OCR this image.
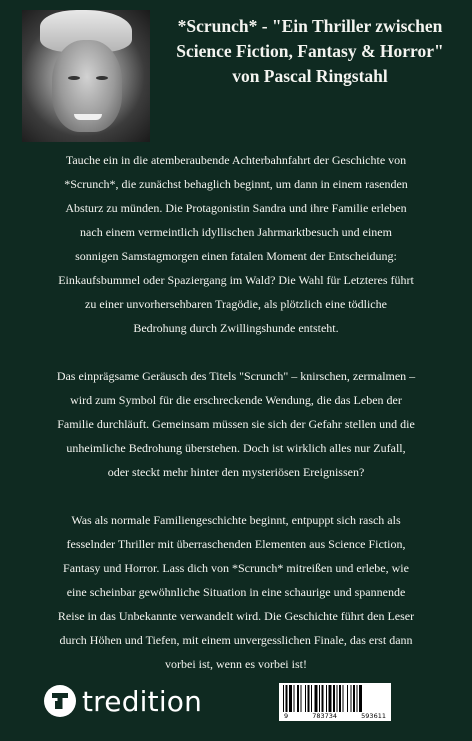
*Scrunch* - "Ein Thriller zwischen
Science Fiction, Fantasy & Horror"
von Pascal Ringstahl

Tauche ein in die atemberaubende Achterbahnfahrt der Geschichte von
*Scrunch*, die zunächst behaglich beginnt, um dann in einem rasenden
Absturz zu münden. Die Protagonistin Sandra und ihre Familie erleben
nach einem vermeintlich idyllischen Jahrmarktbesuch und einem
sonnigen Samstagmorgen einen fatalen Moment der Entscheidung:
Einkaufsbummel oder Spaziergang im Wald? Die Wahl für Letzteres führt
zu einer unvorhersehbaren Tragödie, als plötzlich eine tödliche
Bedrohung durch Zwillingshunde entsteht.

Das einprägsame Geräusch des Titels "Scrunch" – knirschen, zermalmen –
wird zum Symbol für die erschreckende Wendung, die das Leben der
Familie durchläuft. Gemeinsam müssen sie sich der Gefahr stellen und die
unheimliche Bedrohung überstehen. Doch ist wirklich alles nur Zufall,
oder steckt mehr hinter den mysteriösen Ereignissen?

Was als normale Familiengeschichte beginnt, entpuppt sich rasch als
fesselnder Thriller mit überraschenden Elementen aus Science Fiction,
Fantasy und Horror. Lass dich von *Scrunch* mitreißen und erlebe, wie
eine scheinbar gewöhnliche Situation in eine schaurige und spannende
Reise in das Unbekannte verwandelt wird. Die Geschichte führt den Leser
durch Höhen und Tiefen, mit einem unvergesslichen Finale, das erst dann
vorbei ist, wenn es vorbei ist!

tredition	9	783734	593611
